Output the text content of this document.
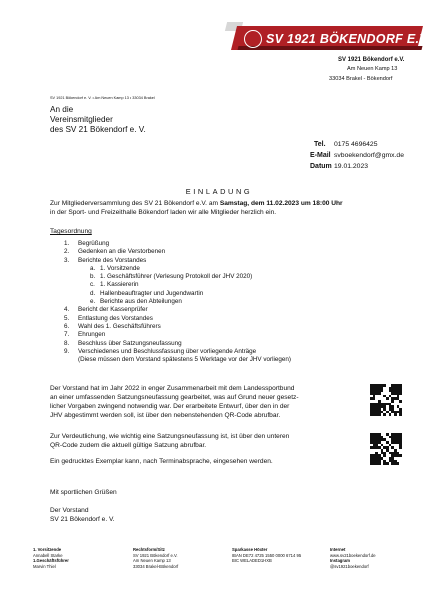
SV 1921 BÖKENDORF E.V.
SV 1921 Bökendorf e.V.
Am Neuen Kamp 13
33034 Brakel - Bökendorf
SV 1921 Bökendorf e. V. • Am Neuen Kamp 13 • 33034 Brakel
An die
Vereinsmitglieder
des SV 21 Bökendorf e. V.
Tel. 0175 4696425
E-Mail svboekendorf@gmx.de
Datum 19.01.2023
EINLADUNG
Zur Mitgliederversammlung des SV 21 Bökendorf e.V. am Samstag, dem 11.02.2023 um 18:00 Uhr
in der Sport- und Freizeithalle Bökendorf laden wir alle Mitglieder herzlich ein.
Tagesordnung
1.	Begrüßung
2.	Gedenken an die Verstorbenen
3.	Berichte des Vorstandes
a. 1. Vorsitzende
b. 1. Geschäftsführer (Verlesung Protokoll der JHV 2020)
c. 1. Kassiererin
d. Hallenbeauftragter und Jugendwartin
e. Berichte aus den Abteilungen
4.	Bericht der Kassenprüfer
5.	Entlastung des Vorstandes
6.	Wahl des 1. Geschäftsführers
7.	Ehrungen
8.	Beschluss über Satzungsneufassung
9.	Verschiedenes und Beschlussfassung über vorliegende Anträge
(Diese müssen dem Vorstand spätestens 5 Werktage vor der JHV vorliegen)
Der Vorstand hat im Jahr 2022 in enger Zusammenarbeit mit dem Landessportbund
an einer umfassenden Satzungsneufassung gearbeitet, was auf Grund neuer gesetz-
licher Vorgaben zwingend notwendig war. Der erarbeitete Entwurf, über den in der
JHV abgestimmt werden soll, ist über den nebenstehenden QR-Code abrufbar.
Zur Verdeutlichung, wie wichtig eine Satzungsneufassung ist, ist über den unteren
QR-Code zudem die aktuell gültige Satzung abrufbar.
Ein gedrucktes Exemplar kann, nach Terminabsprache, eingesehen werden.
Mit sportlichen Grüßen
Der Vorstand
SV 21 Bökendorf e. V.
1. Vorsitzende
Annabell Starke
1.Geschäftsführer
Marvin Thiel
Rechtsform/Sitz
SV 1921 Bökendorf e.V.
Am Neuen Kamp 13
33034 Brakel-Bökendorf
Sparkasse Höxter
IBAN DE72 4725 1550 0000 6714 95
BIC WELADED1HXB
Internet
www.sv21boekendorf.de
Instagram
@sv1921boekendorf
